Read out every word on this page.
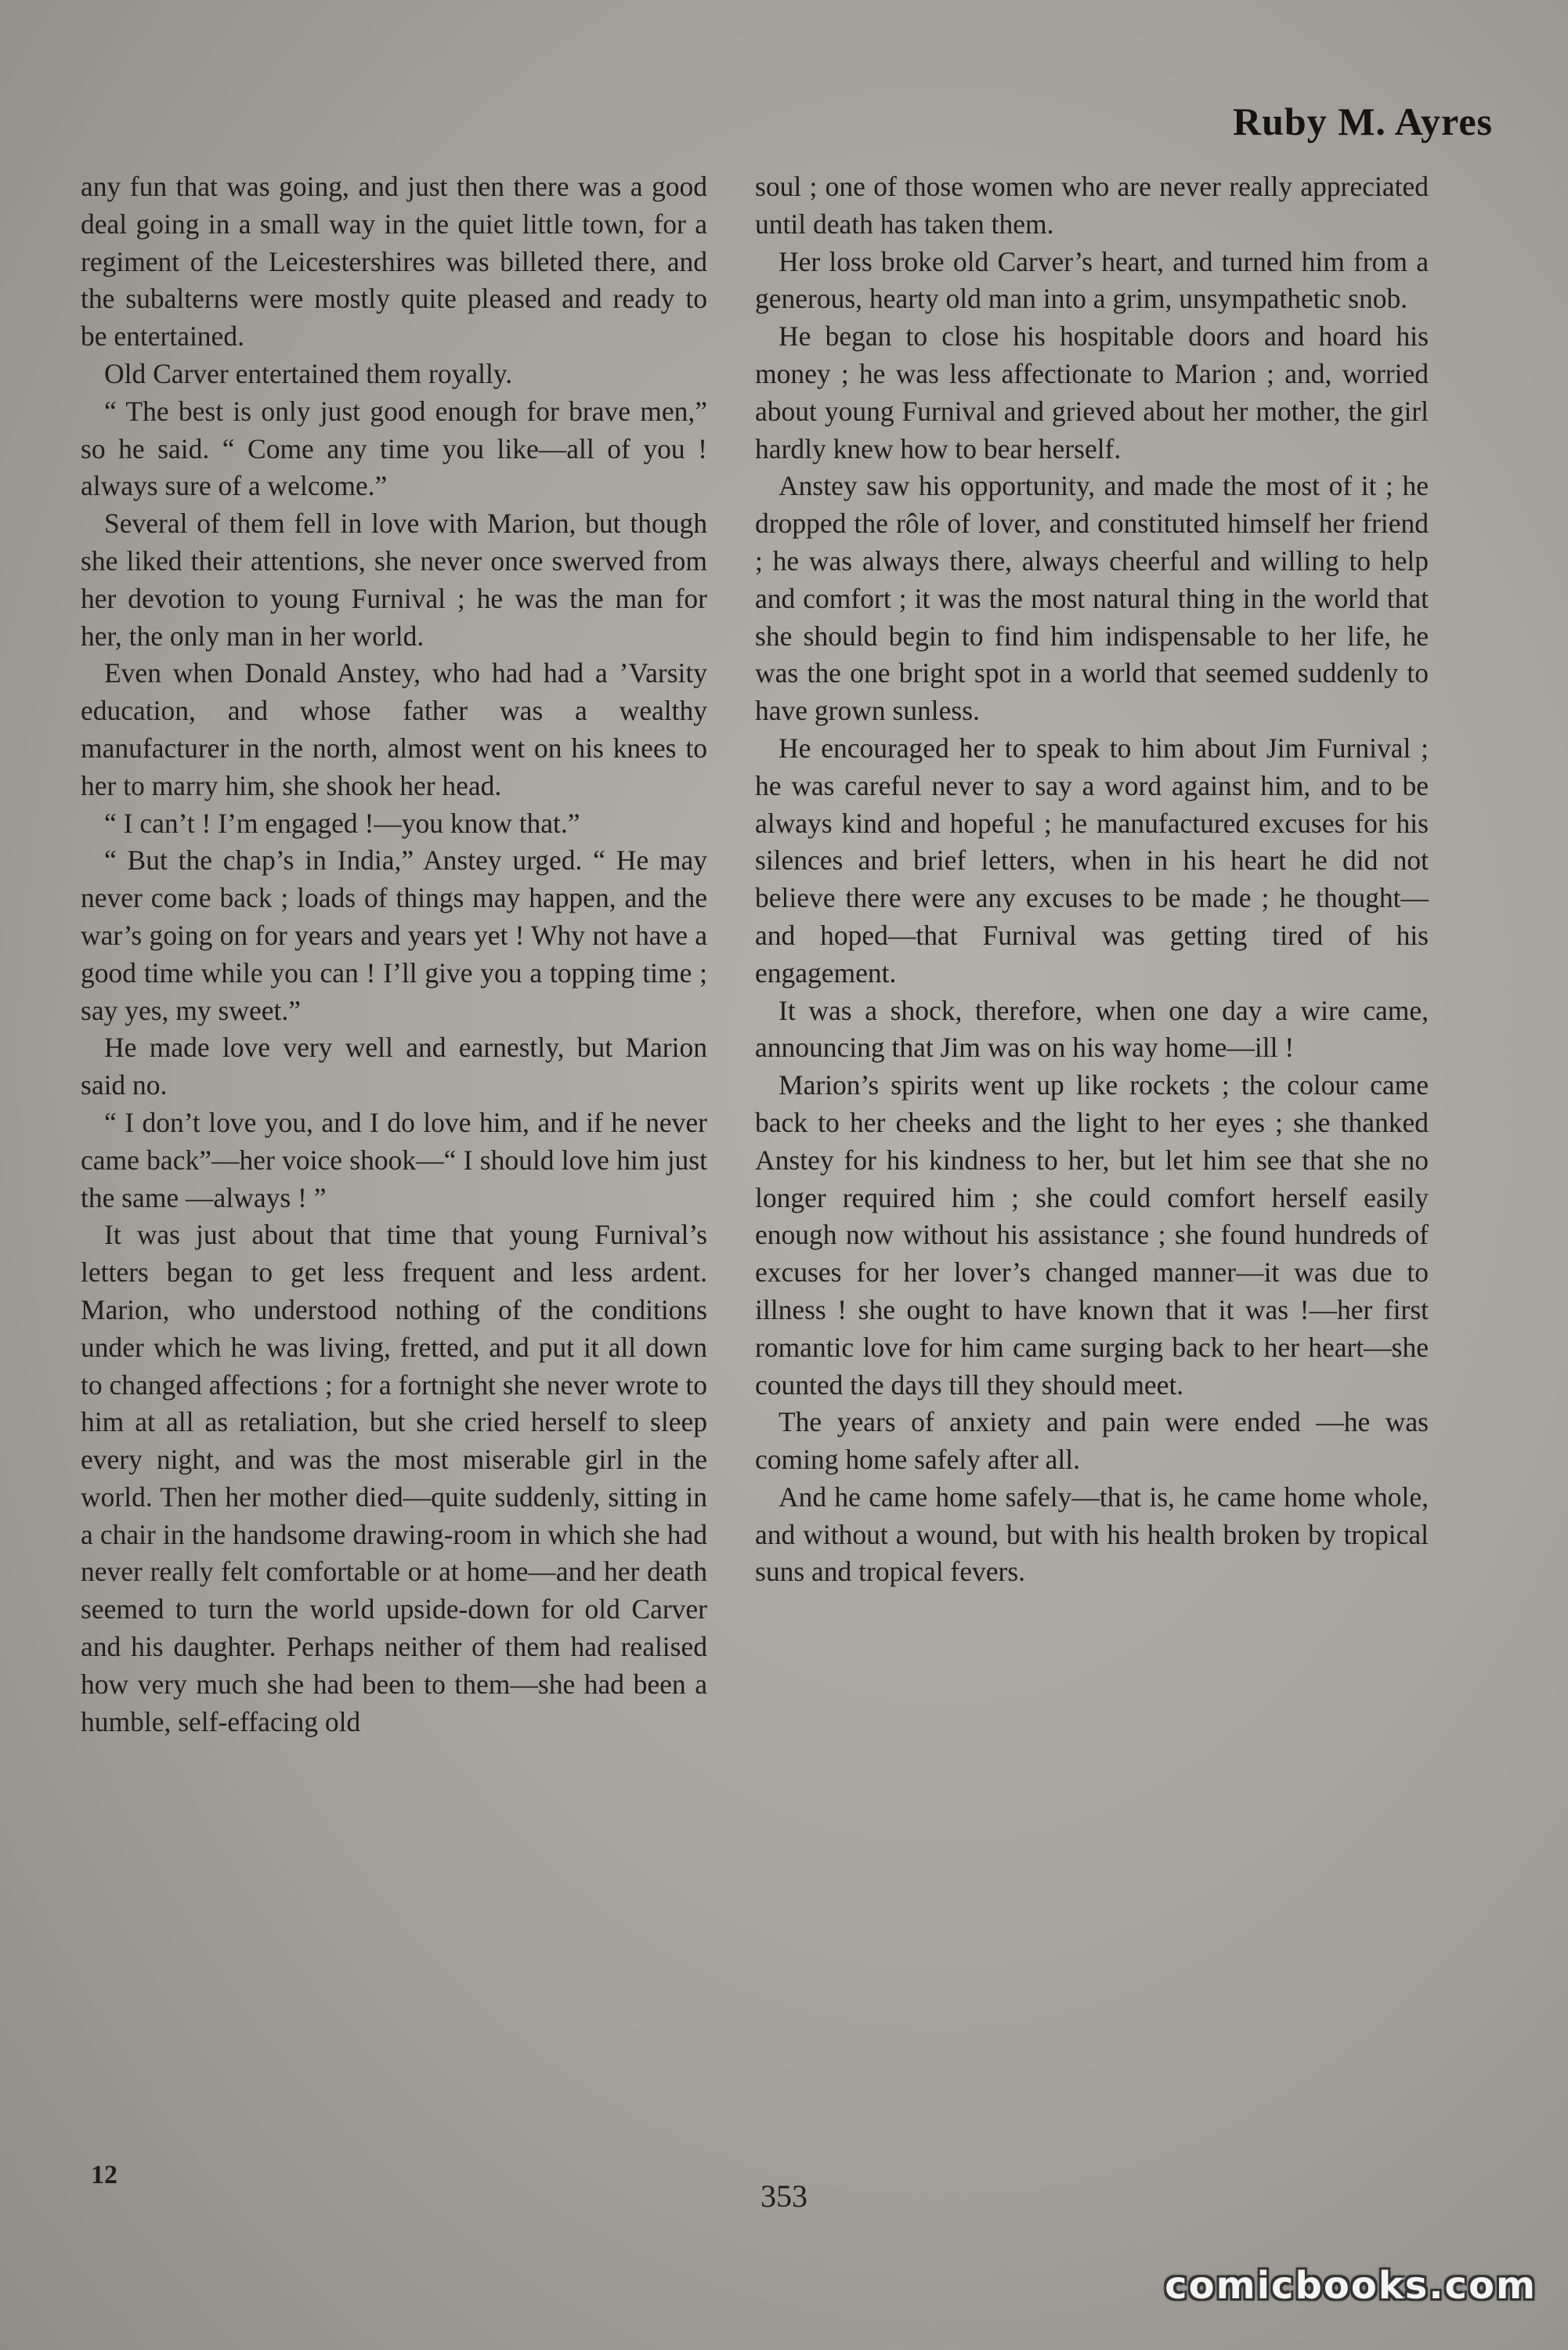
Ruby M. Ayres

any fun that was going, and just then there was a good deal going in a small way in the quiet little town, for a regiment of the Leicestershires was billeted there, and the subalterns were mostly quite pleased and ready to be entertained.

Old Carver entertained them royally.

“ The best is only just good enough for brave men,” so he said. “ Come any time you like—all of you ! always sure of a welcome.”

Several of them fell in love with Marion, but though she liked their attentions, she never once swerved from her devotion to young Furnival ; he was the man for her, the only man in her world.

Even when Donald Anstey, who had had a ’Varsity education, and whose father was a wealthy manufacturer in the north, almost went on his knees to her to marry him, she shook her head.

“ I can’t ! I’m engaged !—you know that.”

“ But the chap’s in India,” Anstey urged. “ He may never come back ; loads of things may happen, and the war’s going on for years and years yet ! Why not have a good time while you can ! I’ll give you a topping time ; say yes, my sweet.”

He made love very well and earnestly, but Marion said no.

“ I don’t love you, and I do love him, and if he never came back”—her voice shook—“ I should love him just the same —always ! ”

It was just about that time that young Furnival’s letters began to get less frequent and less ardent. Marion, who understood nothing of the conditions under which he was living, fretted, and put it all down to changed affections ; for a fortnight she never wrote to him at all as retaliation, but she cried herself to sleep every night, and was the most miserable girl in the world. Then her mother died—quite suddenly, sitting in a chair in the handsome drawing-room in which she had never really felt comfortable or at home—and her death seemed to turn the world upside-down for old Carver and his daughter. Perhaps neither of them had realised how very much she had been to them—she had been a humble, self-effacing old

soul ; one of those women who are never really appreciated until death has taken them.

Her loss broke old Carver’s heart, and turned him from a generous, hearty old man into a grim, unsympathetic snob.

He began to close his hospitable doors and hoard his money ; he was less affectionate to Marion ; and, worried about young Furnival and grieved about her mother, the girl hardly knew how to bear herself.

Anstey saw his opportunity, and made the most of it ; he dropped the rôle of lover, and constituted himself her friend ; he was always there, always cheerful and willing to help and comfort ; it was the most natural thing in the world that she should begin to find him indispensable to her life, he was the one bright spot in a world that seemed suddenly to have grown sunless.

He encouraged her to speak to him about Jim Furnival ; he was careful never to say a word against him, and to be always kind and hopeful ; he manufactured excuses for his silences and brief letters, when in his heart he did not believe there were any excuses to be made ; he thought—and hoped—that Furnival was getting tired of his engagement.

It was a shock, therefore, when one day a wire came, announcing that Jim was on his way home—ill !

Marion’s spirits went up like rockets ; the colour came back to her cheeks and the light to her eyes ; she thanked Anstey for his kindness to her, but let him see that she no longer required him ; she could comfort herself easily enough now without his assistance ; she found hundreds of excuses for her lover’s changed manner—it was due to illness ! she ought to have known that it was !—her first romantic love for him came surging back to her heart—she counted the days till they should meet.

The years of anxiety and pain were ended —he was coming home safely after all.

And he came home safely—that is, he came home whole, and without a wound, but with his health broken by tropical suns and tropical fevers.

12
353
comicbooks.com
